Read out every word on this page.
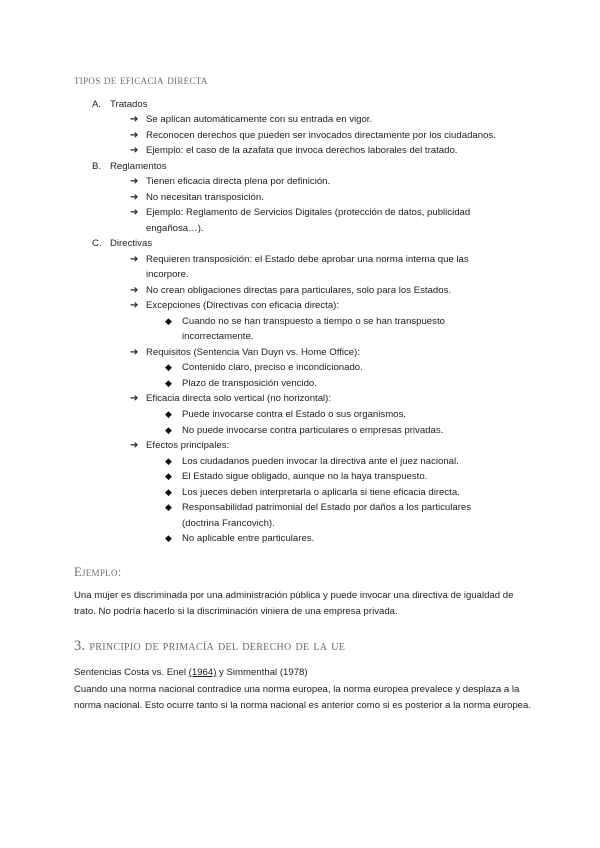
tipos de eficacia directa
A. Tratados
➔ Se aplican automáticamente con su entrada en vigor.
➔ Reconocen derechos que pueden ser invocados directamente por los ciudadanos.
➔ Ejemplo: el caso de la azafata que invoca derechos laborales del tratado.
B. Reglamentos
➔ Tienen eficacia directa plena por definición.
➔ No necesitan transposición.
➔ Ejemplo: Reglamento de Servicios Digitales (protección de datos, publicidad
engañosa…).
C. Directivas
➔ Requieren transposición: el Estado debe aprobar una norma interna que las
incorpore.
➔ No crean obligaciones directas para particulares, solo para los Estados.
➔ Excepciones (Directivas con eficacia directa):
◆ Cuando no se han transpuesto a tiempo o se han transpuesto
incorrectamente.
➔ Requisitos (Sentencia Van Duyn vs. Home Office):
◆ Contenido claro, preciso e incondicionado.
◆ Plazo de transposición vencido.
➔ Eficacia directa solo vertical (no horizontal):
◆ Puede invocarse contra el Estado o sus organismos.
◆ No puede invocarse contra particulares o empresas privadas.
➔ Efectos principales:
◆ Los ciudadanos pueden invocar la directiva ante el juez nacional.
◆ El Estado sigue obligado, aunque no la haya transpuesto.
◆ Los jueces deben interpretarla o aplicarla si tiene eficacia directa.
◆ Responsabilidad patrimonial del Estado por daños a los particulares
(doctrina Francovich).
◆ No aplicable entre particulares.
Ejemplo:
Una mujer es discriminada por una administración pública y puede invocar una directiva de igualdad de trato. No podría hacerlo si la discriminación viniera de una empresa privada.
3. principio de primacía del derecho de la ue
Sentencias Costa vs. Enel (1964) y Simmenthal (1978)
Cuando una norma nacional contradice una norma europea, la norma europea prevalece y desplaza a la norma nacional. Esto ocurre tanto si la norma nacional es anterior como si es posterior a la norma europea.
